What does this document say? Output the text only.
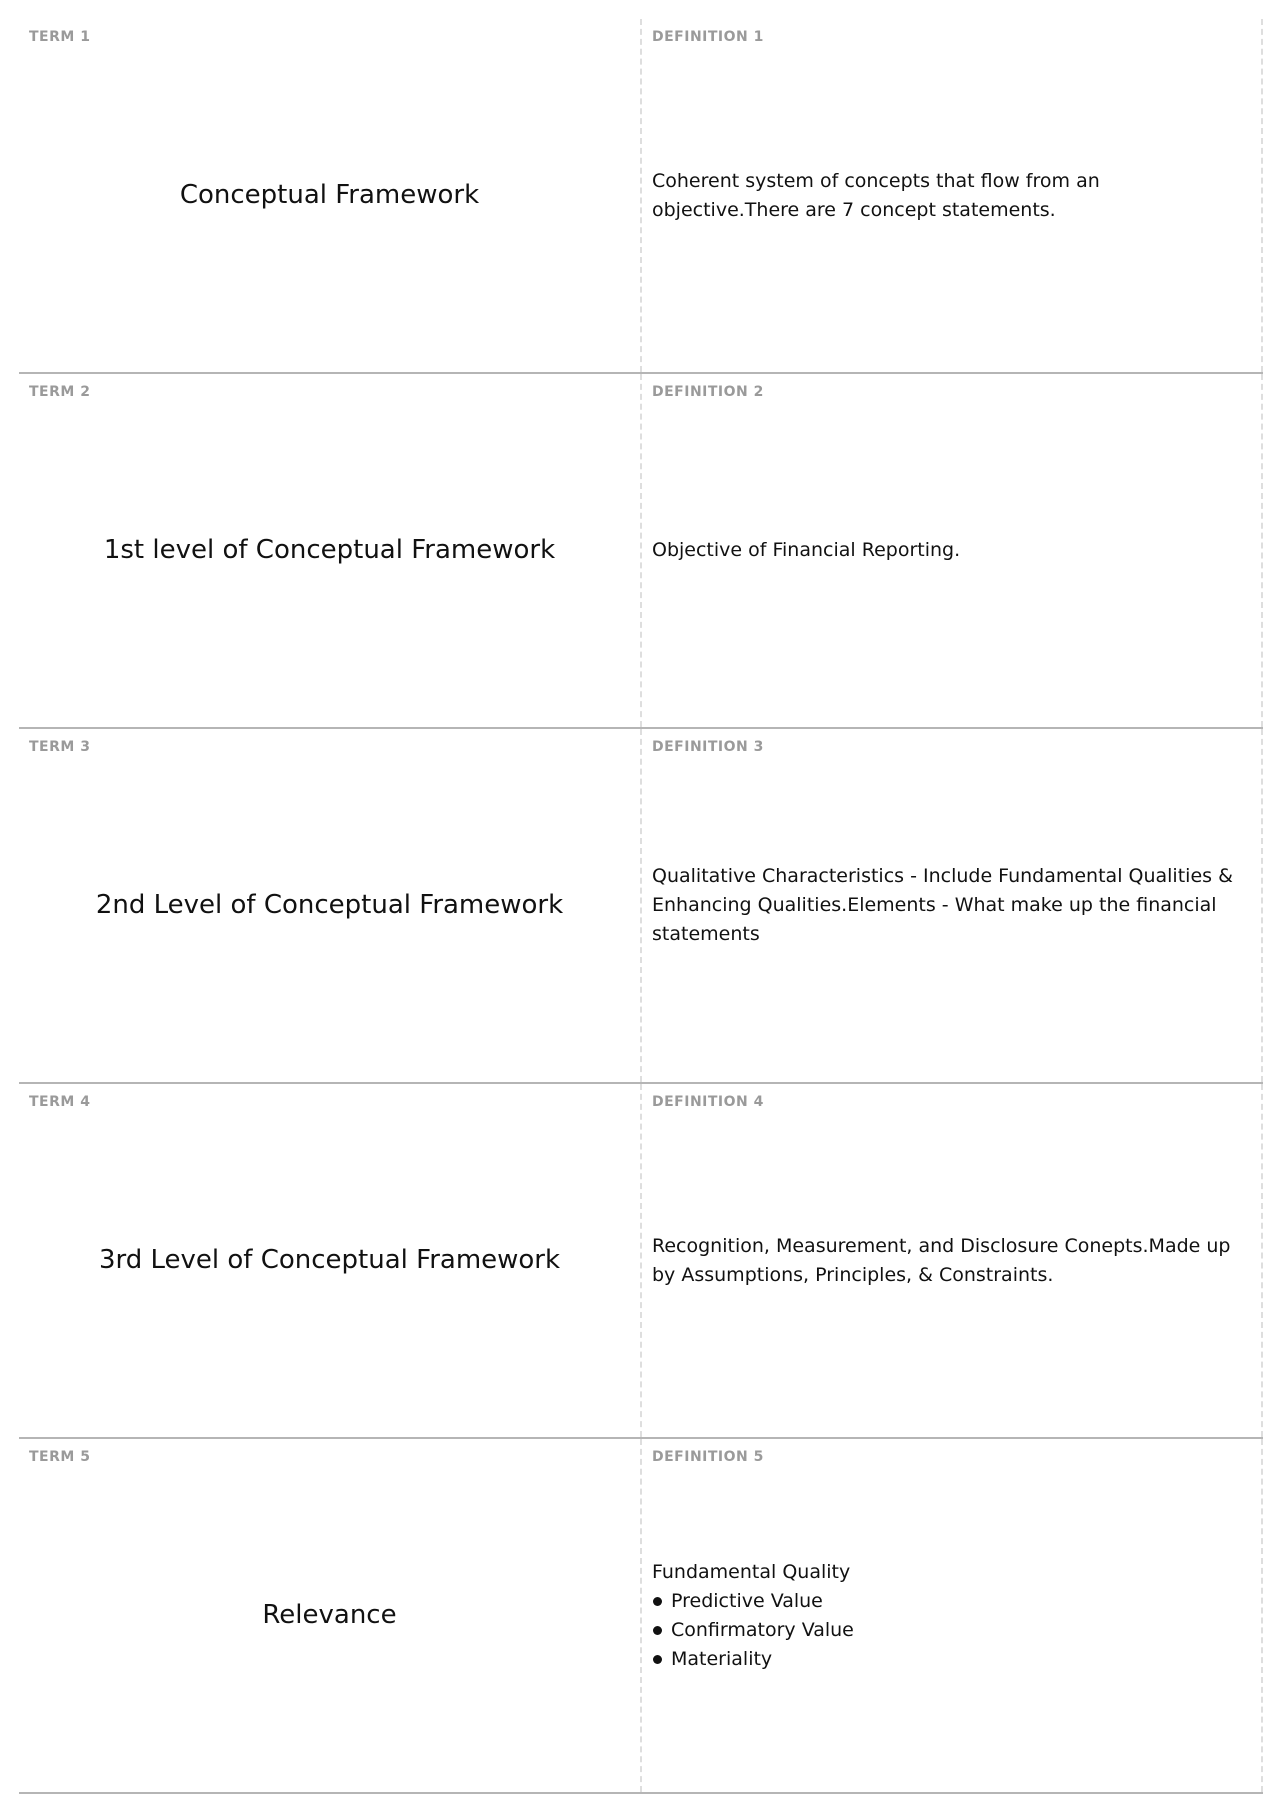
TERM 1
Conceptual Framework
DEFINITION 1

Coherent system of concepts that flow from an objective.There are 7 concept statements.

TERM 2
1st level of Conceptual Framework
DEFINITION 2

Objective of Financial Reporting.

TERM 3
2nd Level of Conceptual Framework
DEFINITION 3

Qualitative Characteristics - Include Fundamental Qualities & Enhancing Qualities.Elements - What make up the financial statements

TERM 4
3rd Level of Conceptual Framework
DEFINITION 4

Recognition, Measurement, and Disclosure Conepts.Made up by Assumptions, Principles, & Constraints.

TERM 5
Relevance
DEFINITION 5

Fundamental Quality

Predictive Value
Confirmatory Value
Materiality
